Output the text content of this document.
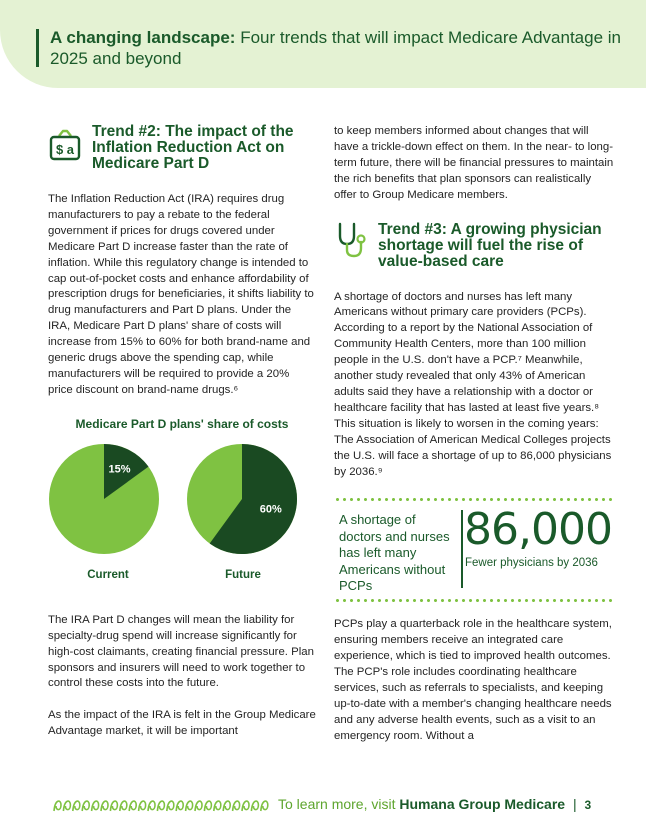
A changing landscape: Four trends that will impact Medicare Advantage in 2025 and beyond
$ a
Trend #2: The impact of the Inflation Reduction Act on Medicare Part D

The Inflation Reduction Act (IRA) requires drug manufacturers to pay a rebate to the federal government if prices for drugs covered under Medicare Part D increase faster than the rate of inflation. While this regulatory change is intended to cap out-of-pocket costs and enhance affordability of prescription drugs for beneficiaries, it shifts liability to drug manufacturers and Part D plans. Under the IRA, Medicare Part D plans' share of costs will increase from 15% to 60% for both brand-name and generic drugs above the spending cap, while manufacturers will be required to provide a 20% price discount on brand-name drugs.⁶

Medicare Part D plans' share of costs
15%
60%
Current	Future

The IRA Part D changes will mean the liability for specialty-drug spend will increase significantly for high-cost claimants, creating financial pressure. Plan sponsors and insurers will need to work together to control these costs into the future.

As the impact of the IRA is felt in the Group Medicare Advantage market, it will be important

to keep members informed about changes that will have a trickle-down effect on them. In the near- to long-term future, there will be financial pressures to maintain the rich benefits that plan sponsors can realistically offer to Group Medicare members.

Trend #3: A growing physician shortage will fuel the rise of value-based care

A shortage of doctors and nurses has left many Americans without primary care providers (PCPs). According to a report by the National Association of Community Health Centers, more than 100 million people in the U.S. don't have a PCP.⁷ Meanwhile, another study revealed that only 43% of American adults said they have a relationship with a doctor or healthcare facility that has lasted at least five years.⁸ This situation is likely to worsen in the coming years: The Association of American Medical Colleges projects the U.S. will face a shortage of up to 86,000 physicians by 2036.⁹

A shortage of doctors and nurses has left many Americans without PCPs
86,000
Fewer physicians by 2036

PCPs play a quarterback role in the healthcare system, ensuring members receive an integrated care experience, which is tied to improved health outcomes. The PCP's role includes coordinating healthcare services, such as referrals to specialists, and keeping up-to-date with a member's changing healthcare needs and any adverse health events, such as a visit to an emergency room. Without a

To learn more, visit Humana Group Medicare | 3
